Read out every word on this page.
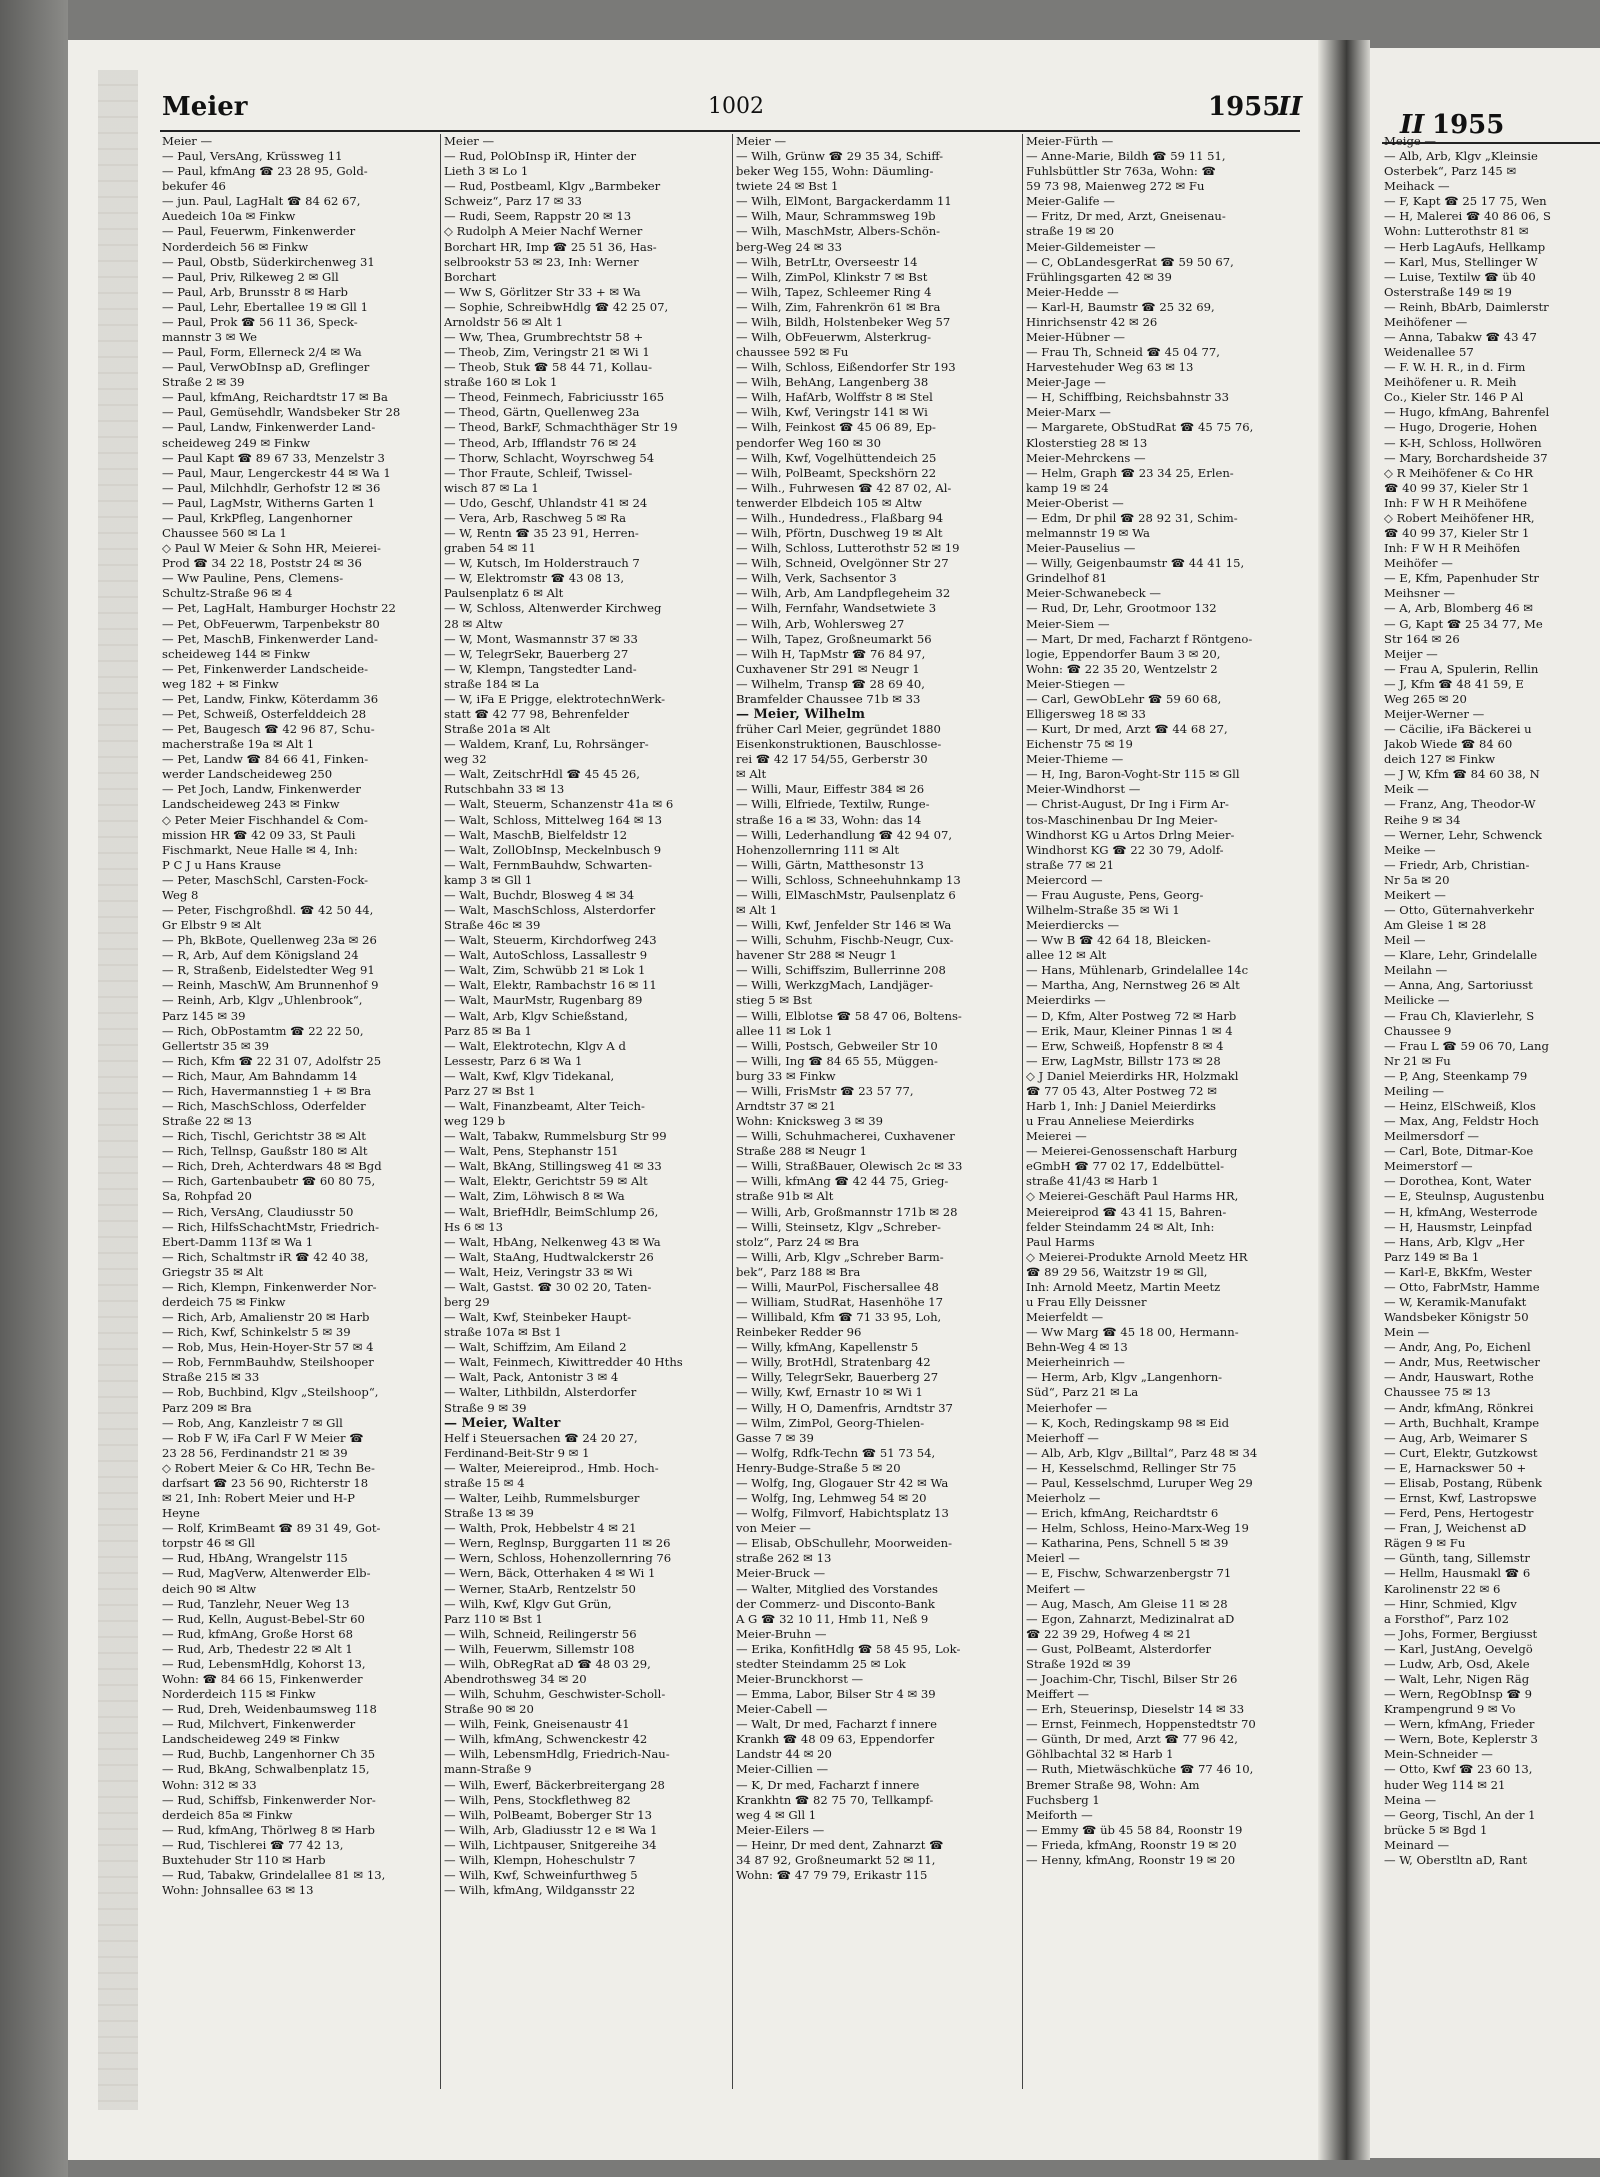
II 1955
Meige —
— Alb, Arb, Klgv „Kleinsie
Osterbek“, Parz 145 ✉
Meihack —
— F, Kapt ☎ 25 17 75, Wen
— H, Malerei ☎ 40 86 06, S
Wohn: Lutterothstr 81 ✉
— Herb LagAufs, Hellkamp
— Karl, Mus, Stellinger W
— Luise, Textilw ☎ üb 40
Osterstraße 149 ✉ 19
— Reinh, BbArb, Daimlerstr
Meihöfener —
— Anna, Tabakw ☎ 43 47
Weidenallee 57
— F. W. H. R., in d. Firm
Meihöfener u. R. Meih
Co., Kieler Str. 146 P Al
— Hugo, kfmAng, Bahrenfel
— Hugo, Drogerie, Hohen
— K-H, Schloss, Hollwören
— Mary, Borchardsheide 37
◇ R Meihöfener & Co HR
☎ 40 99 37, Kieler Str 1
Inh: F W H R Meihöfene
◇ Robert Meihöfener HR,
☎ 40 99 37, Kieler Str 1
Inh: F W H R Meihöfen
Meihöfer —
— E, Kfm, Papenhuder Str
Meihsner —
— A, Arb, Blomberg 46 ✉
— G, Kapt ☎ 25 34 77, Me
Str 164 ✉ 26
Meijer —
— Frau A, Spulerin, Rellin
— J, Kfm ☎ 48 41 59, E
Weg 265 ✉ 20
Meijer-Werner —
— Cäcilie, iFa Bäckerei u
Jakob Wiede ☎ 84 60
deich 127 ✉ Finkw
— J W, Kfm ☎ 84 60 38, N
Meik —
— Franz, Ang, Theodor-W
Reihe 9 ✉ 34
— Werner, Lehr, Schwenck
Meike —
— Friedr, Arb, Christian-
Nr 5a ✉ 20
Meikert —
— Otto, Güternahverkehr
Am Gleise 1 ✉ 28
Meil —
— Klare, Lehr, Grindelalle
Meilahn —
— Anna, Ang, Sartoriusst
Meilicke —
— Frau Ch, Klavierlehr, S
Chaussee 9
— Frau L ☎ 59 06 70, Lang
Nr 21 ✉ Fu
— P, Ang, Steenkamp 79
Meiling —
— Heinz, ElSchweiß, Klos
— Max, Ang, Feldstr Hoch
Meilmersdorf —
— Carl, Bote, Ditmar-Koe
Meimerstorf —
— Dorothea, Kont, Water
— E, Steulnsp, Augustenbu
— H, kfmAng, Westerrode
— H, Hausmstr, Leinpfad
— Hans, Arb, Klgv „Her
Parz 149 ✉ Ba 1
— Karl-E, BkKfm, Wester
— Otto, FabrMstr, Hamme
— W, Keramik-Manufakt
Wandsbeker Königstr 50
Mein —
— Andr, Ang, Po, Eichenl
— Andr, Mus, Reetwischer
— Andr, Hauswart, Rothe
Chaussee 75 ✉ 13
— Andr, kfmAng, Rönkrei
— Arth, Buchhalt, Krampe
— Aug, Arb, Weimarer S
— Curt, Elektr, Gutzkowst
— E, Harnackswег 50 +
— Elisab, Postang, Rübenk
— Ernst, Kwf, Lastropswe
— Ferd, Pens, Hertogestr
— Fran, J, Weichenst aD
Rägen 9 ✉ Fu
— Günth, tang, Sillemstr
— Hellm, Hausmakl ☎ 6
Karolinenstr 22 ✉ 6
— Hinr, Schmied, Klgv
a Forsthof“, Parz 102
— Johs, Former, Bergiusst
— Karl, JustAng, Oevelgö
— Ludw, Arb, Osd, Akele
— Walt, Lehr, Nigen Räg
— Wern, RegObInsp ☎ 9
Krampengrund 9 ✉ Vo
— Wern, kfmAng, Frieder
— Wern, Bote, Keplerstr 3
Mein-Schneider —
— Otto, Kwf ☎ 23 60 13,
huder Weg 114 ✉ 21
Meina —
— Georg, Tischl, An der 1
brücke 5 ✉ Bgd 1
Meinard —
— W, Oberstltn aD, Rant
Meier	1002	1955
II
Meier —
— Paul, VersAng, Krüssweg 11
— Paul, kfmAng ☎ 23 28 95, Gold-
bekufer 46
— jun. Paul, LagHalt ☎ 84 62 67,
Auedeich 10a ✉ Finkw
— Paul, Feuerwm, Finkenwerder
Norderdeich 56 ✉ Finkw
— Paul, Obstb, Süderkirchenweg 31
— Paul, Priv, Rilkeweg 2 ✉ Gll
— Paul, Arb, Brunsstr 8 ✉ Harb
— Paul, Lehr, Ebertallee 19 ✉ Gll 1
— Paul, Prok ☎ 56 11 36, Speck-
mannstr 3 ✉ We
— Paul, Form, Ellerneck 2/4 ✉ Wa
— Paul, VerwObInsp aD, Greflinger
Straße 2 ✉ 39
— Paul, kfmAng, Reichardtstr 17 ✉ Ba
— Paul, Gemüsehdlr, Wandsbeker Str 28
— Paul, Landw, Finkenwerder Land-
scheideweg 249 ✉ Finkw
— Paul Kapt ☎ 89 67 33, Menzelstr 3
— Paul, Maur, Lengerckestr 44 ✉ Wa 1
— Paul, Milchhdlr, Gerhofstr 12 ✉ 36
— Paul, LagMstr, Witherns Garten 1
— Paul, KrkPfleg, Langenhorner
Chaussee 560 ✉ La 1
◇ Paul W Meier & Sohn HR, Meierei-
Prod ☎ 34 22 18, Poststr 24 ✉ 36
— Ww Pauline, Pens, Clemens-
Schultz-Straße 96 ✉ 4
— Pet, LagHalt, Hamburger Hochstr 22
— Pet, ObFeuerwm, Tarpenbekstr 80
— Pet, MaschB, Finkenwerder Land-
scheideweg 144 ✉ Finkw
— Pet, Finkenwerder Landscheide-
weg 182 + ✉ Finkw
— Pet, Landw, Finkw, Köterdamm 36
— Pet, Schweiß, Osterfelddeich 28
— Pet, Baugesch ☎ 42 96 87, Schu-
macherstraße 19a ✉ Alt 1
— Pet, Landw ☎ 84 66 41, Finken-
werder Landscheideweg 250
— Pet Joch, Landw, Finkenwerder
Landscheideweg 243 ✉ Finkw
◇ Peter Meier Fischhandel & Com-
mission HR ☎ 42 09 33, St Pauli
Fischmarkt, Neue Halle ✉ 4, Inh:
P C J u Hans Krause
— Peter, MaschSchl, Carsten-Fock-
Weg 8
— Peter, Fischgroßhdl. ☎ 42 50 44,
Gr Elbstr 9 ✉ Alt
— Ph, BkBote, Quellenweg 23a ✉ 26
— R, Arb, Auf dem Königsland 24
— R, Straßenb, Eidelstedter Weg 91
— Reinh, MaschW, Am Brunnenhof 9
— Reinh, Arb, Klgv „Uhlenbrook“,
Parz 145 ✉ 39
— Rich, ObPostamtm ☎ 22 22 50,
Gellertstr 35 ✉ 39
— Rich, Kfm ☎ 22 31 07, Adolfstr 25
— Rich, Maur, Am Bahndamm 14
— Rich, Havermannstieg 1 + ✉ Bra
— Rich, MaschSchloss, Oderfelder
Straße 22 ✉ 13
— Rich, Tischl, Gerichtstr 38 ✉ Alt
— Rich, Tellnsp, Gaußstr 180 ✉ Alt
— Rich, Dreh, Achterdwars 48 ✉ Bgd
— Rich, Gartenbaubetr ☎ 60 80 75,
Sa, Rohpfad 20
— Rich, VersAng, Claudiusstr 50
— Rich, HilfsSchachtMstr, Friedrich-
Ebert-Damm 113f ✉ Wa 1
— Rich, Schaltmstr iR ☎ 42 40 38,
Griegstr 35 ✉ Alt
— Rich, Klempn, Finkenwerder Nor-
derdeich 75 ✉ Finkw
— Rich, Arb, Amalienstr 20 ✉ Harb
— Rich, Kwf, Schinkelstr 5 ✉ 39
— Rob, Mus, Hein-Hoyer-Str 57 ✉ 4
— Rob, FernmBauhdw, Steilshooper
Straße 215 ✉ 33
— Rob, Buchbind, Klgv „Steilshoop“,
Parz 209 ✉ Bra
— Rob, Ang, Kanzleistr 7 ✉ Gll
— Rob F W, iFa Carl F W Meier ☎
23 28 56, Ferdinandstr 21 ✉ 39
◇ Robert Meier & Co HR, Techn Be-
darfsart ☎ 23 56 90, Richterstr 18
✉ 21, Inh: Robert Meier und H-P
Heyne
— Rolf, KrimBeamt ☎ 89 31 49, Got-
torpstr 46 ✉ Gll
— Rud, HbAng, Wrangelstr 115
— Rud, MagVerw, Altenwerder Elb-
deich 90 ✉ Altw
— Rud, Tanzlehr, Neuer Weg 13
— Rud, Kelln, August-Bebel-Str 60
— Rud, kfmAng, Große Horst 68
— Rud, Arb, Thedestr 22 ✉ Alt 1
— Rud, LebensmHdlg, Kohorst 13,
Wohn: ☎ 84 66 15, Finkenwerder
Norderdeich 115 ✉ Finkw
— Rud, Dreh, Weidenbaumsweg 118
— Rud, Milchvert, Finkenwerder
Landscheideweg 249 ✉ Finkw
— Rud, Buchb, Langenhorner Ch 35
— Rud, BkAng, Schwalbenplatz 15,
Wohn: 312 ✉ 33
— Rud, Schiffsb, Finkenwerder Nor-
derdeich 85a ✉ Finkw
— Rud, kfmAng, Thörlweg 8 ✉ Harb
— Rud, Tischlerei ☎ 77 42 13,
Buxtehuder Str 110 ✉ Harb
— Rud, Tabakw, Grindelallee 81 ✉ 13,
Wohn: Johnsallee 63 ✉ 13
Meier —
— Rud, PolObInsp iR, Hinter der
Lieth 3 ✉ Lo 1
— Rud, Postbeaml, Klgv „Barmbeker
Schweiz“, Parz 17 ✉ 33
— Rudi, Seem, Rappstr 20 ✉ 13
◇ Rudolph A Meier Nachf Werner
Borchart HR, Imp ☎ 25 51 36, Has-
selbrookstr 53 ✉ 23, Inh: Werner
Borchart
— Ww S, Görlitzer Str 33 + ✉ Wa
— Sophie, SchreibwHdlg ☎ 42 25 07,
Arnoldstr 56 ✉ Alt 1
— Ww, Thea, Grumbrechtstr 58 +
— Theob, Zim, Veringstr 21 ✉ Wi 1
— Theob, Stuk ☎ 58 44 71, Kollau-
straße 160 ✉ Lok 1
— Theod, Feinmech, Fabriciusstr 165
— Theod, Gärtn, Quellenweg 23a
— Theod, BarkF, Schmachthäger Str 19
— Theod, Arb, Ifflandstr 76 ✉ 24
— Thorw, Schlacht, Woyrschweg 54
— Thor Fraute, Schleif, Twissel-
wisch 87 ✉ La 1
— Udo, Geschf, Uhlandstr 41 ✉ 24
— Vera, Arb, Raschweg 5 ✉ Ra
— W, Rentn ☎ 35 23 91, Herren-
graben 54 ✉ 11
— W, Kutsch, Im Holderstrauch 7
— W, Elektromstr ☎ 43 08 13,
Paulsenplatz 6 ✉ Alt
— W, Schloss, Altenwerder Kirchweg
28 ✉ Altw
— W, Mont, Wasmannstr 37 ✉ 33
— W, TelegrSekr, Bauerberg 27
— W, Klempn, Tangstedter Land-
straße 184 ✉ La
— W, iFa E Prigge, elektrotechnWerk-
statt ☎ 42 77 98, Behrenfelder
Straße 201a ✉ Alt
— Waldem, Kranf, Lu, Rohrsänger-
weg 32
— Walt, ZeitschrHdl ☎ 45 45 26,
Rutschbahn 33 ✉ 13
— Walt, Steuerm, Schanzenstr 41a ✉ 6
— Walt, Schloss, Mittelweg 164 ✉ 13
— Walt, MaschB, Bielfeldstr 12
— Walt, ZollObInsp, Meckelnbusch 9
— Walt, FernmBauhdw, Schwarten-
kamp 3 ✉ Gll 1
— Walt, Buchdr, Blosweg 4 ✉ 34
— Walt, MaschSchloss, Alsterdorfer
Straße 46c ✉ 39
— Walt, Steuerm, Kirchdorfweg 243
— Walt, AutoSchloss, Lassallestr 9
— Walt, Zim, Schwübb 21 ✉ Lok 1
— Walt, Elektr, Rambachstr 16 ✉ 11
— Walt, MaurMstr, Rugenbarg 89
— Walt, Arb, Klgv Schießstand,
Parz 85 ✉ Ba 1
— Walt, Elektrotechn, Klgv A d
Lessestr, Parz 6 ✉ Wa 1
— Walt, Kwf, Klgv Tidekanal,
Parz 27 ✉ Bst 1
— Walt, Finanzbeamt, Alter Teich-
weg 129 b
— Walt, Tabakw, Rummelsburg Str 99
— Walt, Pens, Stephanstr 151
— Walt, BkAng, Stillingsweg 41 ✉ 33
— Walt, Elektr, Gerichtstr 59 ✉ Alt
— Walt, Zim, Löhwisch 8 ✉ Wa
— Walt, BriefHdlr, BeimSchlump 26,
Hs 6 ✉ 13
— Walt, HbAng, Nelkenweg 43 ✉ Wa
— Walt, StaAng, Hudtwalckerstr 26
— Walt, Heiz, Veringstr 33 ✉ Wi
— Walt, Gastst. ☎ 30 02 20, Taten-
berg 29
— Walt, Kwf, Steinbeker Haupt-
straße 107a ✉ Bst 1
— Walt, Schiffzim, Am Eiland 2
— Walt, Feinmech, Kiwittredder 40 Hths
— Walt, Pack, Antonistr 3 ✉ 4
— Walter, Lithbildn, Alsterdorfer
Straße 9 ✉ 39
— Meier, Walter
Helf i Steuersachen ☎ 24 20 27,
Ferdinand-Beit-Str 9 ✉ 1
— Walter, Meiereiprod., Hmb. Hoch-
straße 15 ✉ 4
— Walter, Leihb, Rummelsburger
Straße 13 ✉ 39
— Walth, Prok, Hebbelstr 4 ✉ 21
— Wern, Reglnsp, Burggarten 11 ✉ 26
— Wern, Schloss, Hohenzollernring 76
— Wern, Bäck, Otterhaken 4 ✉ Wi 1
— Werner, StaArb, Rentzelstr 50
— Wilh, Kwf, Klgv Gut Grün,
Parz 110 ✉ Bst 1
— Wilh, Schneid, Reilingerstr 56
— Wilh, Feuerwm, Sillemstr 108
— Wilh, ObRegRat aD ☎ 48 03 29,
Abendrothsweg 34 ✉ 20
— Wilh, Schuhm, Geschwister-Scholl-
Straße 90 ✉ 20
— Wilh, Feink, Gneisenaustr 41
— Wilh, kfmAng, Schwenckestr 42
— Wilh, LebensmHdlg, Friedrich-Nau-
mann-Straße 9
— Wilh, Ewerf, Bäckerbreitergang 28
— Wilh, Pens, Stockflethweg 82
— Wilh, PolBeamt, Boberger Str 13
— Wilh, Arb, Gladiusstr 12 e ✉ Wa 1
— Wilh, Lichtpauser, Snitgereihe 34
— Wilh, Klempn, Hoheschulstr 7
— Wilh, Kwf, Schweinfurthweg 5
— Wilh, kfmAng, Wildgansstr 22
Meier —
— Wilh, Grünw ☎ 29 35 34, Schiff-
beker Weg 155, Wohn: Däumling-
twiete 24 ✉ Bst 1
— Wilh, ElMont, Bargackerdamm 11
— Wilh, Maur, Schrammsweg 19b
— Wilh, MaschMstr, Albers-Schön-
berg-Weg 24 ✉ 33
— Wilh, BetrLtr, Overseestr 14
— Wilh, ZimPol, Klinkstr 7 ✉ Bst
— Wilh, Tapez, Schleemer Ring 4
— Wilh, Zim, Fahrenkrön 61 ✉ Bra
— Wilh, Bildh, Holstenbeker Weg 57
— Wilh, ObFeuerwm, Alsterkrug-
chaussee 592 ✉ Fu
— Wilh, Schloss, Eißendorfer Str 193
— Wilh, BehAng, Langenberg 38
— Wilh, HafArb, Wolffstr 8 ✉ Stel
— Wilh, Kwf, Veringstr 141 ✉ Wi
— Wilh, Feinkost ☎ 45 06 89, Ep-
pendorfer Weg 160 ✉ 30
— Wilh, Kwf, Vogelhüttendeich 25
— Wilh, PolBeamt, Speckshörn 22
— Wilh., Fuhrwesen ☎ 42 87 02, Al-
tenwerder Elbdeich 105 ✉ Altw
— Wilh., Hundedress., Flaßbarg 94
— Wilh, Pförtn, Duschweg 19 ✉ Alt
— Wilh, Schloss, Lutterothstr 52 ✉ 19
— Wilh, Schneid, Ovelgönner Str 27
— Wilh, Verk, Sachsentor 3
— Wilh, Arb, Am Landpflegeheim 32
— Wilh, Fernfahr, Wandsetwiete 3
— Wilh, Arb, Wohlersweg 27
— Wilh, Tapez, Großneumarkt 56
— Wilh H, TapMstr ☎ 76 84 97,
Cuxhavener Str 291 ✉ Neugr 1
— Wilhelm, Transp ☎ 28 69 40,
Bramfelder Chaussee 71b ✉ 33
— Meier, Wilhelm
früher Carl Meier, gegründet 1880
Eisenkonstruktionen, Bauschlosse-
rei ☎ 42 17 54/55, Gerberstr 30
✉ Alt
— Willi, Maur, Eiffestr 384 ✉ 26
— Willi, Elfriede, Textilw, Runge-
straße 16 a ✉ 33, Wohn: das 14
— Willi, Lederhandlung ☎ 42 94 07,
Hohenzollernring 111 ✉ Alt
— Willi, Gärtn, Matthesonstr 13
— Willi, Schloss, Schneehuhnkamp 13
— Willi, ElMaschMstr, Paulsenplatz 6
✉ Alt 1
— Willi, Kwf, Jenfelder Str 146 ✉ Wa
— Willi, Schuhm, Fischb-Neugr, Cux-
havener Str 288 ✉ Neugr 1
— Willi, Schiffszim, Bullerrinne 208
— Willi, WerkzgMach, Landjäger-
stieg 5 ✉ Bst
— Willi, Elblotse ☎ 58 47 06, Boltens-
allee 11 ✉ Lok 1
— Willi, Postsch, Gebweiler Str 10
— Willi, Ing ☎ 84 65 55, Müggen-
burg 33 ✉ Finkw
— Willi, FrisMstr ☎ 23 57 77,
Arndtstr 37 ✉ 21
Wohn: Knicksweg 3 ✉ 39
— Willi, Schuhmacherei, Cuxhavener
Straße 288 ✉ Neugr 1
— Willi, StraßBauer, Olewisch 2c ✉ 33
— Willi, kfmAng ☎ 42 44 75, Grieg-
straße 91b ✉ Alt
— Willi, Arb, Großmannstr 171b ✉ 28
— Willi, Steinsetz, Klgv „Schreber-
stolz“, Parz 24 ✉ Bra
— Willi, Arb, Klgv „Schreber Barm-
bek“, Parz 188 ✉ Bra
— Willi, MaurPol, Fischersallee 48
— William, StudRat, Hasenhöhe 17
— Willibald, Kfm ☎ 71 33 95, Loh,
Reinbeker Redder 96
— Willy, kfmAng, Kapellenstr 5
— Willy, BrotHdl, Stratenbarg 42
— Willy, TelegrSekr, Bauerberg 27
— Willy, Kwf, Ernastr 10 ✉ Wi 1
— Willy, H O, Damenfris, Arndtstr 37
— Wilm, ZimPol, Georg-Thielen-
Gasse 7 ✉ 39
— Wolfg, Rdfk-Techn ☎ 51 73 54,
Henry-Budge-Straße 5 ✉ 20
— Wolfg, Ing, Glogauer Str 42 ✉ Wa
— Wolfg, Ing, Lehmweg 54 ✉ 20
— Wolfg, Filmvorf, Habichtsplatz 13
von Meier —
— Elisab, ObSchullehr, Moorweiden-
straße 262 ✉ 13
Meier-Bruck —
— Walter, Mitglied des Vorstandes
der Commerz- und Disconto-Bank
A G ☎ 32 10 11, Hmb 11, Neß 9
Meier-Bruhn —
— Erika, KonfitHdlg ☎ 58 45 95, Lok-
stedter Steindamm 25 ✉ Lok
Meier-Brunckhorst —
— Emma, Labor, Bilser Str 4 ✉ 39
Meier-Cabell —
— Walt, Dr med, Facharzt f innere
Krankh ☎ 48 09 63, Eppendorfer
Landstr 44 ✉ 20
Meier-Cillien —
— K, Dr med, Facharzt f innere
Krankhtn ☎ 82 75 70, Tellkampf-
weg 4 ✉ Gll 1
Meier-Eilers —
— Heinr, Dr med dent, Zahnarzt ☎
34 87 92, Großneumarkt 52 ✉ 11,
Wohn: ☎ 47 79 79, Erikastr 115
Meier-Fürth —
— Anne-Marie, Bildh ☎ 59 11 51,
Fuhlsbüttler Str 763a, Wohn: ☎
59 73 98, Maienweg 272 ✉ Fu
Meier-Galife —
— Fritz, Dr med, Arzt, Gneisenau-
straße 19 ✉ 20
Meier-Gildemeister —
— C, ObLandesgerRat ☎ 59 50 67,
Frühlingsgarten 42 ✉ 39
Meier-Hedde —
— Karl-H, Baumstr ☎ 25 32 69,
Hinrichsenstr 42 ✉ 26
Meier-Hübner —
— Frau Th, Schneid ☎ 45 04 77,
Harvestehuder Weg 63 ✉ 13
Meier-Jage —
— H, Schiffbing, Reichsbahnstr 33
Meier-Marx —
— Margarete, ObStudRat ☎ 45 75 76,
Klosterstieg 28 ✉ 13
Meier-Mehrckens —
— Helm, Graph ☎ 23 34 25, Erlen-
kamp 19 ✉ 24
Meier-Oberist —
— Edm, Dr phil ☎ 28 92 31, Schim-
melmannstr 19 ✉ Wa
Meier-Pauselius —
— Willy, Geigenbaumstr ☎ 44 41 15,
Grindelhof 81
Meier-Schwanebeck —
— Rud, Dr, Lehr, Grootmoor 132
Meier-Siem —
— Mart, Dr med, Facharzt f Röntgeno-
logie, Eppendorfer Baum 3 ✉ 20,
Wohn: ☎ 22 35 20, Wentzelstr 2
Meier-Stiegen —
— Carl, GewObLehr ☎ 59 60 68,
Elligersweg 18 ✉ 33
— Kurt, Dr med, Arzt ☎ 44 68 27,
Eichenstr 75 ✉ 19
Meier-Thieme —
— H, Ing, Baron-Voght-Str 115 ✉ Gll
Meier-Windhorst —
— Christ-August, Dr Ing i Firm Ar-
tos-Maschinenbau Dr Ing Meier-
Windhorst KG u Artos Drlng Meier-
Windhorst KG ☎ 22 30 79, Adolf-
straße 77 ✉ 21
Meiercord —
— Frau Auguste, Pens, Georg-
Wilhelm-Straße 35 ✉ Wi 1
Meierdiercks —
— Ww B ☎ 42 64 18, Bleicken-
allee 12 ✉ Alt
— Hans, Mühlenarb, Grindelallee 14c
— Martha, Ang, Nernstweg 26 ✉ Alt
Meierdirks —
— D, Kfm, Alter Postweg 72 ✉ Harb
— Erik, Maur, Kleiner Pinnas 1 ✉ 4
— Erw, Schweiß, Hopfenstr 8 ✉ 4
— Erw, LagMstr, Billstr 173 ✉ 28
◇ J Daniel Meierdirks HR, Holzmakl
☎ 77 05 43, Alter Postweg 72 ✉
Harb 1, Inh: J Daniel Meierdirks
u Frau Anneliese Meierdirks
Meierei —
— Meierei-Genossenschaft Harburg
eGmbH ☎ 77 02 17, Eddelbüttel-
straße 41/43 ✉ Harb 1
◇ Meierei-Geschäft Paul Harms HR,
Meiereiprod ☎ 43 41 15, Bahren-
felder Steindamm 24 ✉ Alt, Inh:
Paul Harms
◇ Meierei-Produkte Arnold Meetz HR
☎ 89 29 56, Waitzstr 19 ✉ Gll,
Inh: Arnold Meetz, Martin Meetz
u Frau Elly Deissner
Meierfeldt —
— Ww Marg ☎ 45 18 00, Hermann-
Behn-Weg 4 ✉ 13
Meierheinrich —
— Herm, Arb, Klgv „Langenhorn-
Süd“, Parz 21 ✉ La
Meierhofer —
— K, Koch, Redingskamp 98 ✉ Eid
Meierhoff —
— Alb, Arb, Klgv „Billtal“, Parz 48 ✉ 34
— H, Kesselschmd, Rellinger Str 75
— Paul, Kesselschmd, Luruper Weg 29
Meierholz —
— Erich, kfmAng, Reichardtstr 6
— Helm, Schloss, Heino-Marx-Weg 19
— Katharina, Pens, Schnell 5 ✉ 39
Meierl —
— E, Fischw, Schwarzenbergstr 71
Meifert —
— Aug, Masch, Am Gleise 11 ✉ 28
— Egon, Zahnarzt, Medizinalrat aD
☎ 22 39 29, Hofweg 4 ✉ 21
— Gust, PolBeamt, Alsterdorfer
Straße 192d ✉ 39
— Joachim-Chr, Tischl, Bilser Str 26
Meiffert —
— Erh, Steuerinsp, Dieselstr 14 ✉ 33
— Ernst, Feinmech, Hoppenstedtstr 70
— Günth, Dr med, Arzt ☎ 77 96 42,
Göhlbachtal 32 ✉ Harb 1
— Ruth, Mietwäschküche ☎ 77 46 10,
Bremer Straße 98, Wohn: Am
Fuchsberg 1
Meiforth —
— Emmy ☎ üb 45 58 84, Roonstr 19
— Frieda, kfmAng, Roonstr 19 ✉ 20
— Henny, kfmAng, Roonstr 19 ✉ 20
